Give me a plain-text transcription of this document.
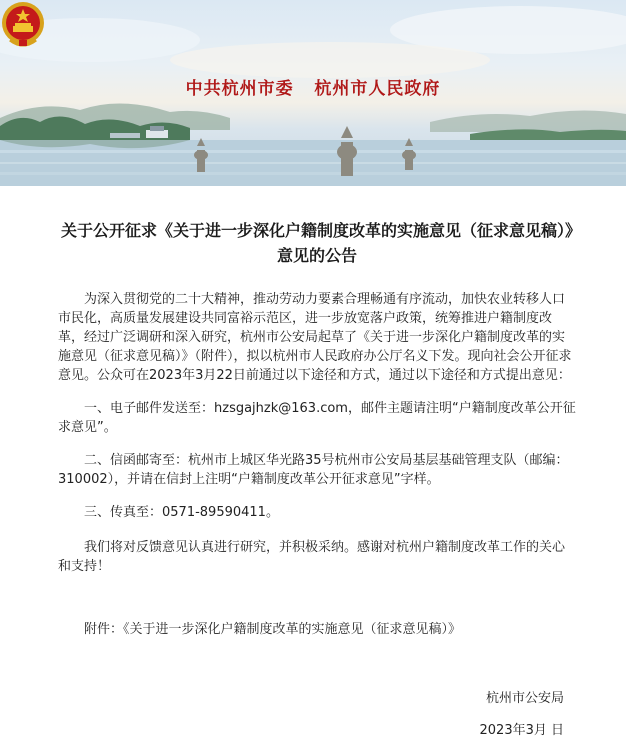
中共杭州市委   杭州市人民政府
关于公开征求《关于进一步深化户籍制度改革的实施意见（征求意见稿）》意见的公告

为深入贯彻党的二十大精神，推动劳动力要素合理畅通有序流动，加快农业转移人口市民化，高质量发展建设共同富裕示范区，进一步放宽落户政策，统筹推进户籍制度改革，经过广泛调研和深入研究，杭州市公安局起草了《关于进一步深化户籍制度改革的实施意见（征求意见稿）》（附件），拟以杭州市人民政府办公厅名义下发。现向社会公开征求意见。公众可在2023年3月22日前通过以下途径和方式，通过以下途径和方式提出意见：

一、电子邮件发送至：hzsgajhzk@163.com，邮件主题请注明“户籍制度改革公开征求意见”。

二、信函邮寄至：杭州市上城区华光路35号杭州市公安局基层基础管理支队（邮编：310002），并请在信封上注明“户籍制度改革公开征求意见”字样。

三、传真至：0571-89590411。

我们将对反馈意见认真进行研究，并积极采纳。感谢对杭州户籍制度改革工作的关心和支持！

附件：《关于进一步深化户籍制度改革的实施意见（征求意见稿）》

杭州市公安局
2023年3月 日
